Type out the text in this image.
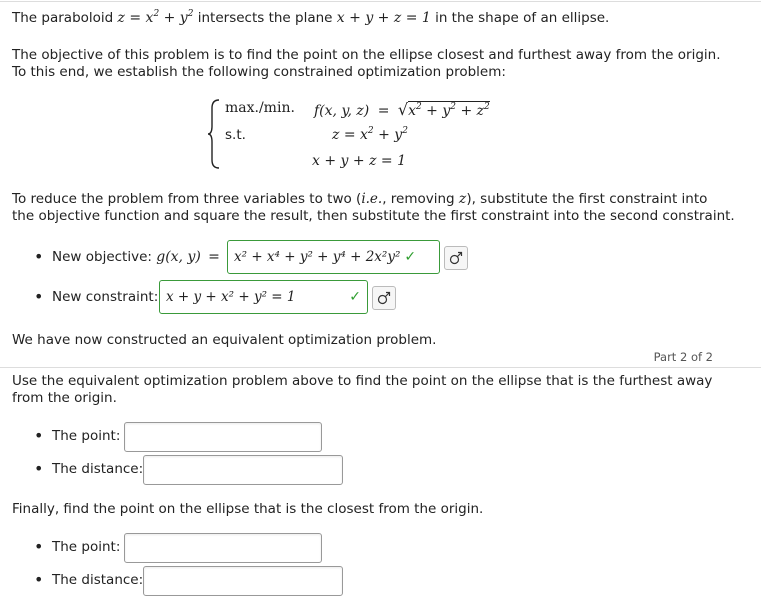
The paraboloid $z = x^2 + y^2$ intersects the plane x + y + z = 1 in the shape of an ellipse.
The objective of this problem is to find the point on the ellipse closest and furthest away from the origin.
To this end, we establish the following constrained optimization problem:
max./min.
s.t.
f(x, y, $z) = √x^2 + y^2 + z^2$
$z = x^2 + y^2$
x + y + z = 1
To reduce the problem from three variables to two (i.e., removing z), substitute the first constraint into
the objective function and square the result, then substitute the first constraint into the second constraint.
• New objective: g(x, y) = x² + x⁴ + y² + y⁴ + 2x²y² ✓
• New constraint: x + y + x² + y² = 1	✓
We have now constructed an equivalent optimization problem.
Part 2 of 2
Use the equivalent optimization problem above to find the point on the ellipse that is the furthest away
from the origin.
• The point:
• The distance:
Finally, find the point on the ellipse that is the closest from the origin.
• The point:
• The distance:
